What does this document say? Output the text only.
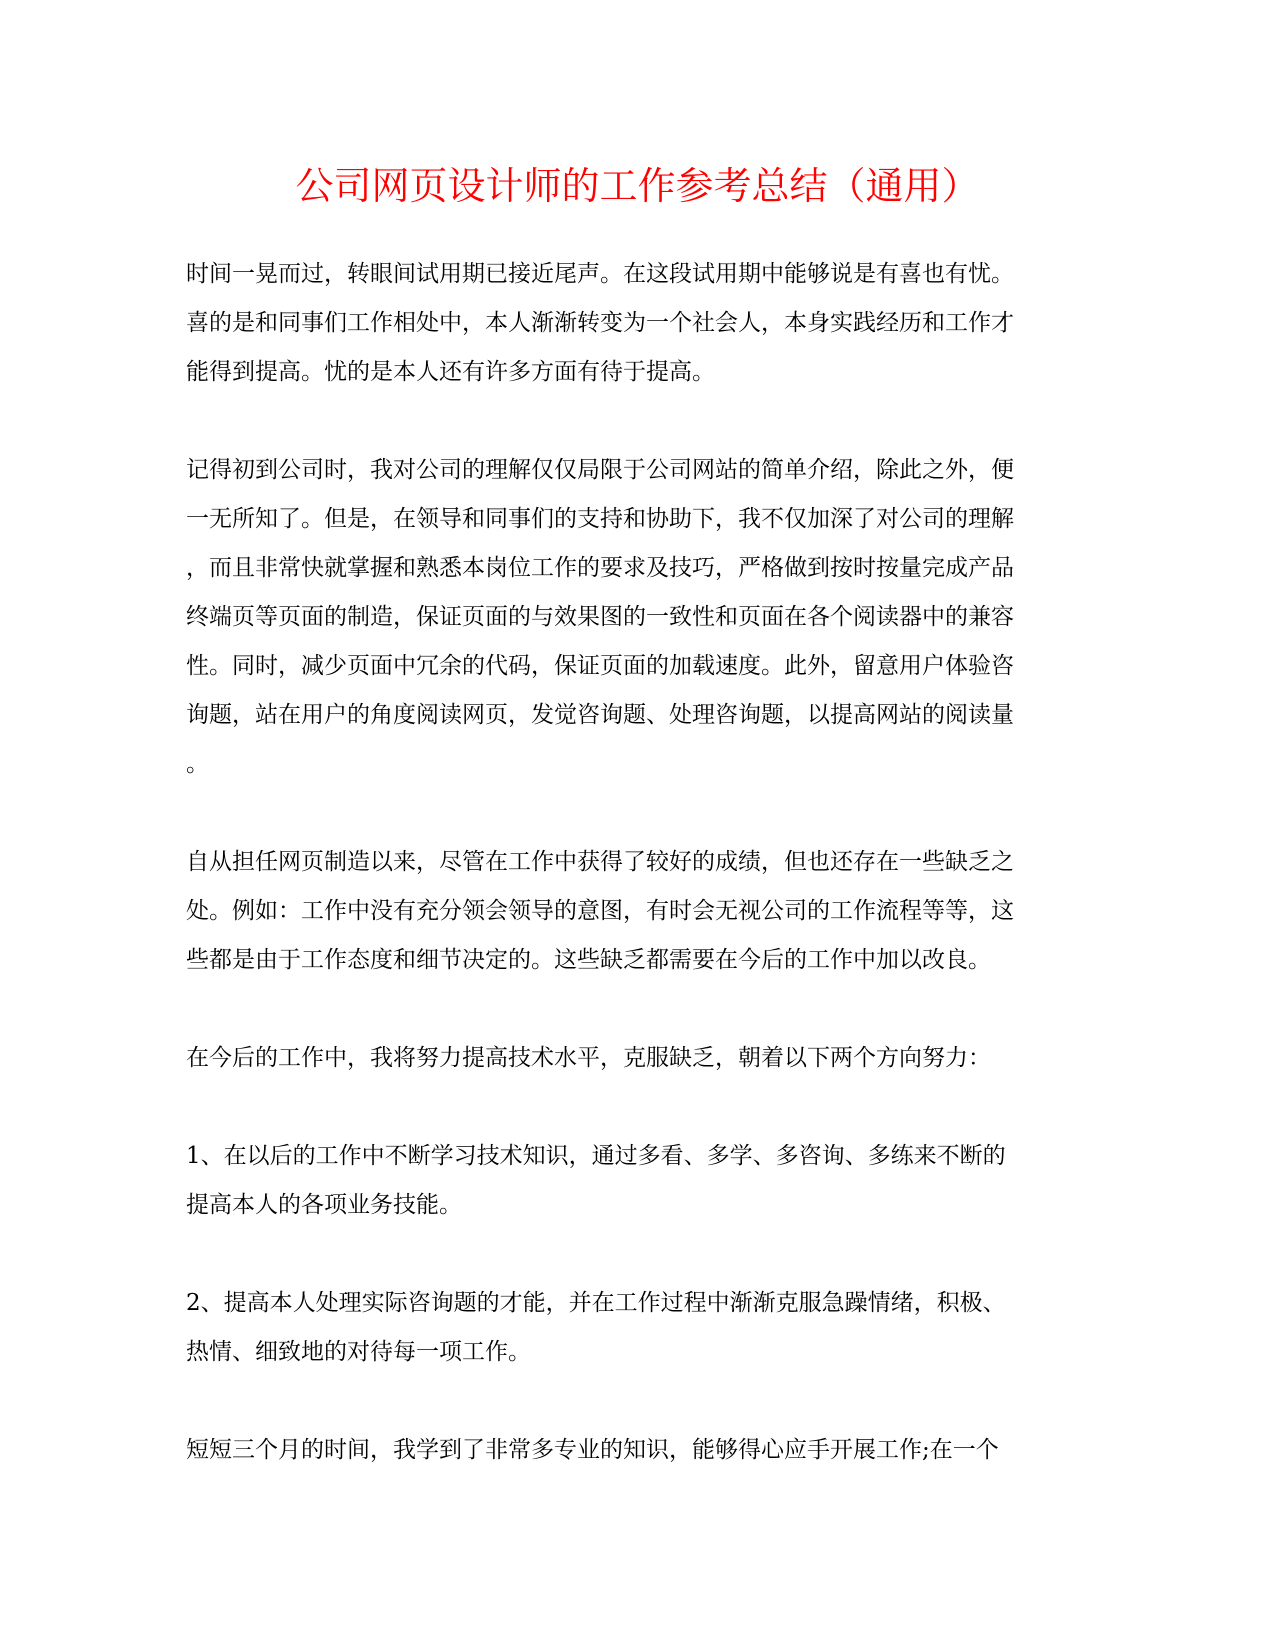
公司网页设计师的工作参考总结（通用）

时间一晃而过，转眼间试用期已接近尾声。在这段试用期中能够说是有喜也有忧。
喜的是和同事们工作相处中，本人渐渐转变为一个社会人，本身实践经历和工作才
能得到提高。忧的是本人还有许多方面有待于提高。

记得初到公司时，我对公司的理解仅仅局限于公司网站的简单介绍，除此之外，便
一无所知了。但是，在领导和同事们的支持和协助下，我不仅加深了对公司的理解
，而且非常快就掌握和熟悉本岗位工作的要求及技巧，严格做到按时按量完成产品
终端页等页面的制造，保证页面的与效果图的一致性和页面在各个阅读器中的兼容
性。同时，减少页面中冗余的代码，保证页面的加载速度。此外，留意用户体验咨
询题，站在用户的角度阅读网页，发觉咨询题、处理咨询题，以提高网站的阅读量
。

自从担任网页制造以来，尽管在工作中获得了较好的成绩，但也还存在一些缺乏之
处。例如：工作中没有充分领会领导的意图，有时会无视公司的工作流程等等，这
些都是由于工作态度和细节决定的。这些缺乏都需要在今后的工作中加以改良。

在今后的工作中，我将努力提高技术水平，克服缺乏，朝着以下两个方向努力：

1、在以后的工作中不断学习技术知识，通过多看、多学、多咨询、多练来不断的
提高本人的各项业务技能。

2、提高本人处理实际咨询题的才能，并在工作过程中渐渐克服急躁情绪，积极、
热情、细致地的对待每一项工作。

短短三个月的时间，我学到了非常多专业的知识，能够得心应手开展工作;在一个
